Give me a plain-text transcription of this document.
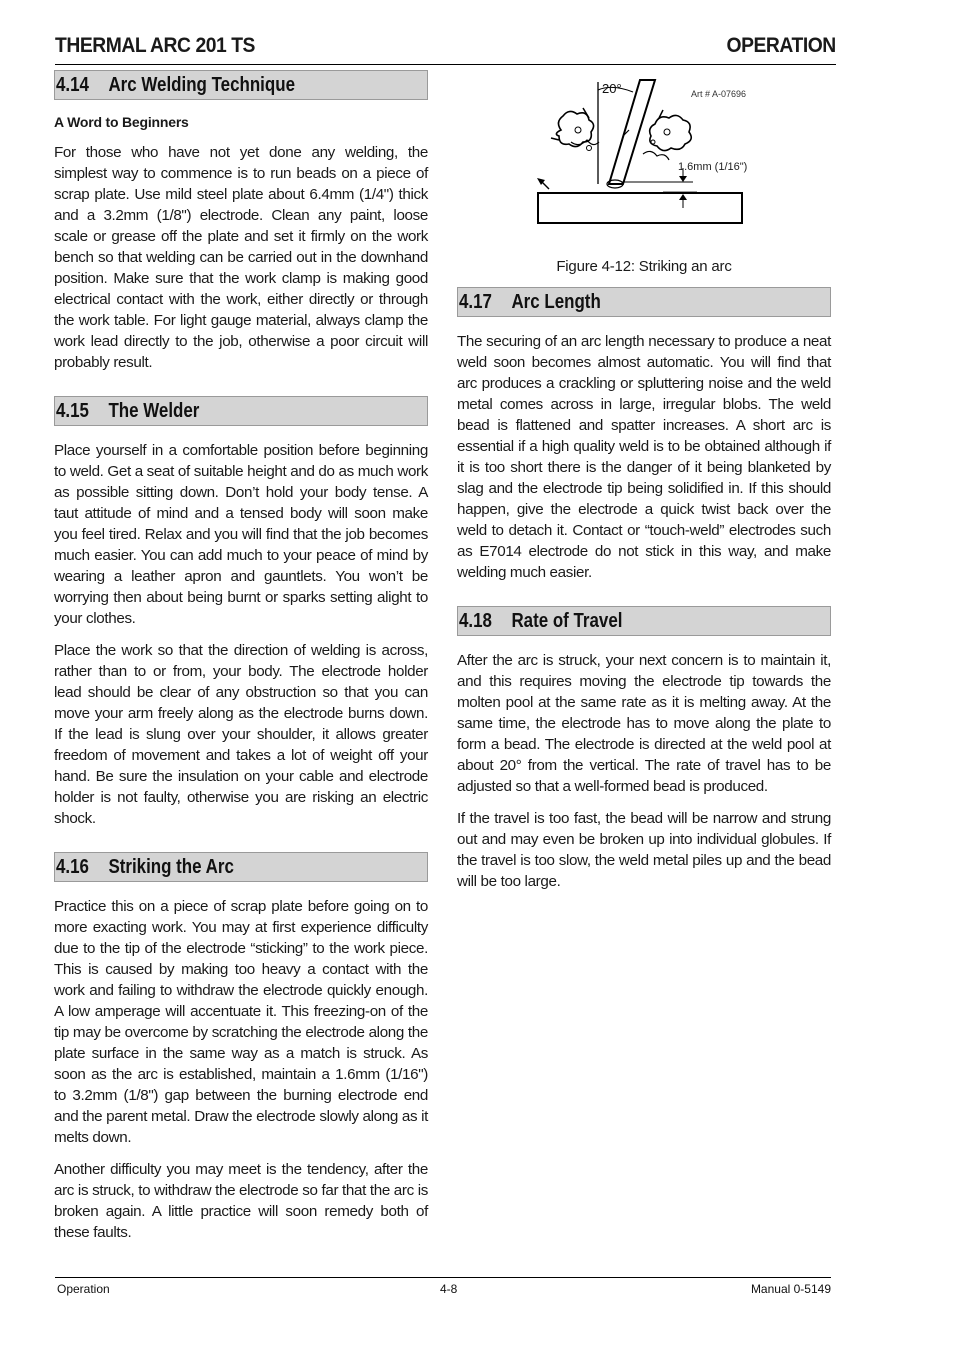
THERMAL ARC 201 TS	OPERATION
4.14 Arc Welding Technique
A Word to Beginners

For those who have not yet done any welding, the simplest way to commence is to run beads on a piece of scrap plate. Use mild steel plate about 6.4mm (1/4") thick and a 3.2mm (1/8") electrode. Clean any paint, loose scale or grease off the plate and set it firmly on the work bench so that welding can be carried out in the downhand position. Make sure that the work clamp is making good electrical contact with the work, either directly or through the work table. For light gauge material, always clamp the work lead directly to the job, otherwise a poor circuit will probably result.

4.15 The Welder

Place yourself in a comfortable position before beginning to weld. Get a seat of suitable height and do as much work as possible sitting down. Don’t hold your body tense. A taut attitude of mind and a tensed body will soon make you feel tired. Relax and you will find that the job becomes much easier. You can add much to your peace of mind by wearing a leather apron and gauntlets. You won’t be worrying then about being burnt or sparks setting alight to your clothes.

Place the work so that the direction of welding is across, rather than to or from, your body. The electrode holder lead should be clear of any obstruction so that you can move your arm freely along as the electrode burns down. If the lead is slung over your shoulder, it allows greater freedom of movement and takes a lot of weight off your hand. Be sure the insulation on your cable and electrode holder is not faulty, otherwise you are risking an electric shock.

4.16 Striking the Arc

Practice this on a piece of scrap plate before going on to more exacting work. You may at first experience difficulty due to the tip of the electrode “sticking” to the work piece. This is caused by making too heavy a contact with the work and failing to withdraw the electrode quickly enough. A low amperage will accentuate it. This freezing-on of the tip may be overcome by scratching the electrode along the plate surface in the same way as a match is struck. As soon as the arc is established, maintain a 1.6mm (1/16") to 3.2mm (1/8") gap between the burning electrode end and the parent metal. Draw the electrode slowly along as it melts down.

Another difficulty you may meet is the tendency, after the arc is struck, to withdraw the electrode so far that the arc is broken again. A little practice will soon remedy both of these faults.

20°	Art # A-07696
1.6mm (1/16")
Figure 4-12: Striking an arc
4.17 Arc Length

The securing of an arc length necessary to produce a neat weld soon becomes almost automatic. You will find that arc produces a crackling or spluttering noise and the weld metal comes across in large, irregular blobs. The weld bead is flattened and spatter increases. A short arc is essential if a high quality weld is to be obtained although if it is too short there is the danger of it being blanketed by slag and the electrode tip being solidified in. If this should happen, give the electrode a quick twist back over the weld to detach it. Contact or “touch-weld” electrodes such as E7014 electrode do not stick in this way, and make welding much easier.

4.18 Rate of Travel

After the arc is struck, your next concern is to maintain it, and this requires moving the electrode tip towards the molten pool at the same rate as it is melting away. At the same time, the electrode has to move along the plate to form a bead. The electrode is directed at the weld pool at about 20° from the vertical. The rate of travel has to be adjusted so that a well-formed bead is produced.

If the travel is too fast, the bead will be narrow and strung out and may even be broken up into individual globules. If the travel is too slow, the weld metal piles up and the bead will be too large.

Operation	4-8	Manual 0-5149
